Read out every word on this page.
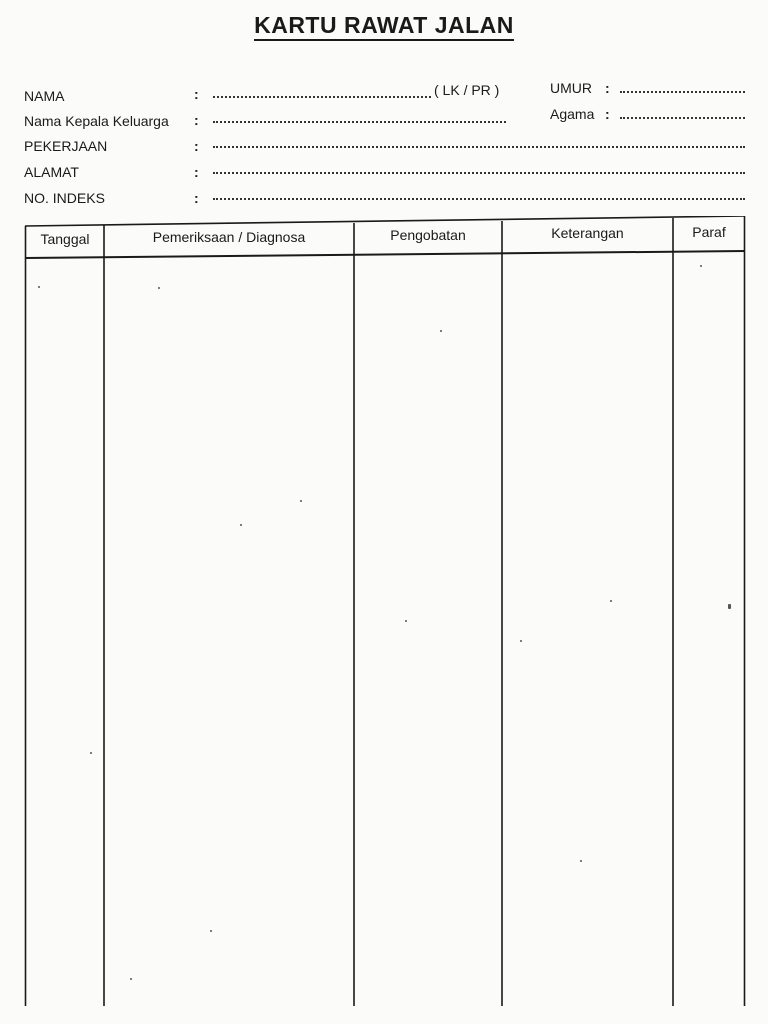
KARTU RAWAT JALAN
NAMA	:	( LK / PR )	UMUR :
Nama Kepala Keluarga :	Agama :
PEKERJAAN	:
ALAMAT	:
NO. INDEKS	:
Tanggal	Pemeriksaan / Diagnosa	Pengobatan	Keterangan	Paraf
